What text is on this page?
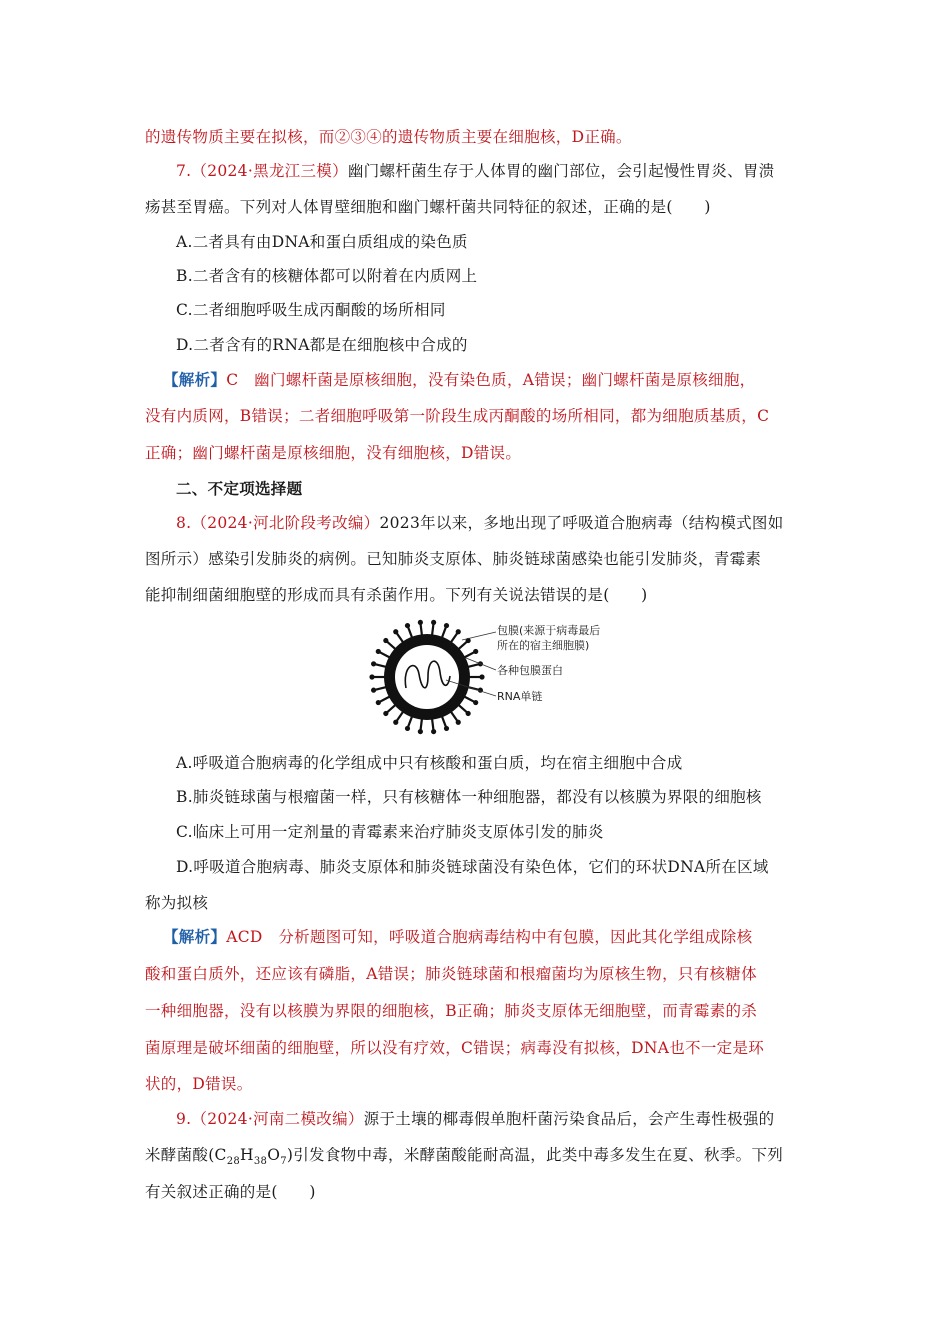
的遗传物质主要在拟核，而②③④的遗传物质主要在细胞核，D正确。
7.（2024·黑龙江三模）幽门螺杆菌生存于人体胃的幽门部位，会引起慢性胃炎、胃溃
疡甚至胃癌。下列对人体胃壁细胞和幽门螺杆菌共同特征的叙述，正确的是(　　)
A.二者具有由DNA和蛋白质组成的染色质
B.二者含有的核糖体都可以附着在内质网上
C.二者细胞呼吸生成丙酮酸的场所相同
D.二者含有的RNA都是在细胞核中合成的
【解析】C　幽门螺杆菌是原核细胞，没有染色质，A错误；幽门螺杆菌是原核细胞，
没有内质网，B错误；二者细胞呼吸第一阶段生成丙酮酸的场所相同，都为细胞质基质，C
正确；幽门螺杆菌是原核细胞，没有细胞核，D错误。
二、不定项选择题
8.（2024·河北阶段考改编）2023年以来，多地出现了呼吸道合胞病毒（结构模式图如
图所示）感染引发肺炎的病例。已知肺炎支原体、肺炎链球菌感染也能引发肺炎，青霉素
能抑制细菌细胞壁的形成而具有杀菌作用。下列有关说法错误的是(　　)
包膜(来源于病毒最后
所在的宿主细胞膜)
各种包膜蛋白
RNA单链
A.呼吸道合胞病毒的化学组成中只有核酸和蛋白质，均在宿主细胞中合成
B.肺炎链球菌与根瘤菌一样，只有核糖体一种细胞器，都没有以核膜为界限的细胞核
C.临床上可用一定剂量的青霉素来治疗肺炎支原体引发的肺炎
D.呼吸道合胞病毒、肺炎支原体和肺炎链球菌没有染色体，它们的环状DNA所在区域
称为拟核
【解析】ACD　分析题图可知，呼吸道合胞病毒结构中有包膜，因此其化学组成除核
酸和蛋白质外，还应该有磷脂，A错误；肺炎链球菌和根瘤菌均为原核生物，只有核糖体
一种细胞器，没有以核膜为界限的细胞核，B正确；肺炎支原体无细胞壁，而青霉素的杀
菌原理是破坏细菌的细胞壁，所以没有疗效，C错误；病毒没有拟核，DNA也不一定是环
状的，D错误。
9.（2024·河南二模改编）源于土壤的椰毒假单胞杆菌污染食品后，会产生毒性极强的
米酵菌酸$(C_{28}H_{38}O_7)$引发食物中毒，米酵菌酸能耐高温，此类中毒多发生在夏、秋季。下列
有关叙述正确的是(　　)
